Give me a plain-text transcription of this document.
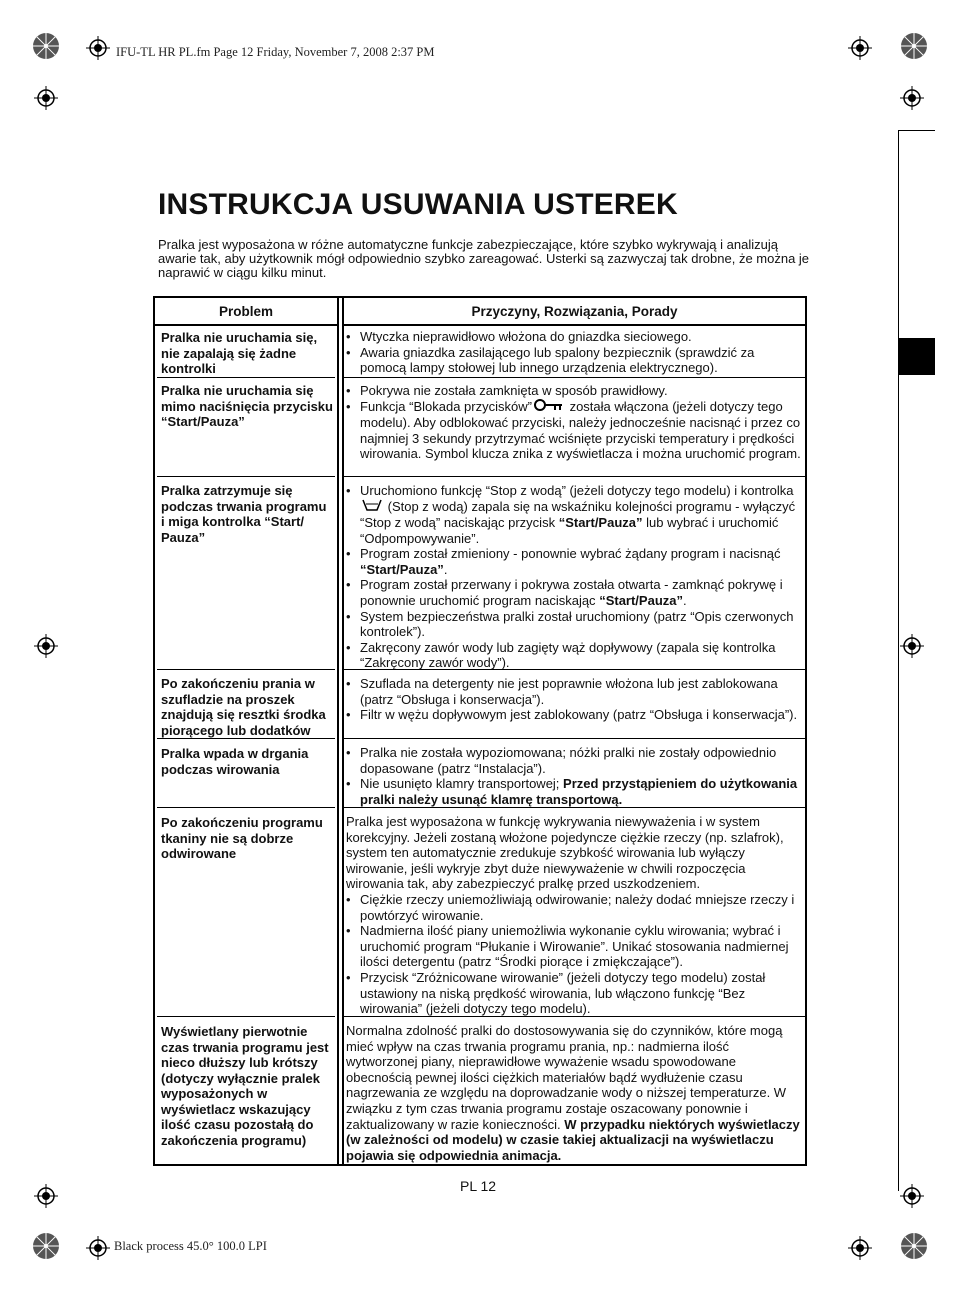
IFU-TL HR PL.fm Page 12 Friday, November 7, 2008 2:37 PM
Black process 45.0° 100.0 LPI
INSTRUKCJA USUWANIA USTEREK

Pralka jest wyposażona w różne automatyczne funkcje zabezpieczające, które szybko wykrywają i analizują awarie tak, aby użytkownik mógł odpowiednio szybko zareagować. Usterki są zazwyczaj tak drobne, że można je naprawić w ciągu kilku minut.

Problem	Przyczyny, Rozwiązania, Porady
Pralka nie uruchamia się, nie zapalają się żadne kontrolki
• Wtyczka nieprawidłowo włożona do gniazdka sieciowego.
• Awaria gniazdka zasilającego lub spalony bezpiecznik (sprawdzić za pomocą lampy stołowej lub innego urządzenia elektrycznego).
Pralka nie uruchamia się mimo naciśnięcia przycisku “Start/Pauza”
• Pokrywa nie została zamknięta w sposób prawidłowy.
• Funkcja “Blokada przycisków”	została włączona (jeżeli dotyczy tego modelu). Aby odblokować przyciski, należy jednocześnie nacisnąć i przez co najmniej 3 sekundy przytrzymać wciśnięte przyciski temperatury i prędkości wirowania. Symbol klucza znika z wyświetlacza i można uruchomić program.
Pralka zatrzymuje się podczas trwania programu i miga kontrolka “Start/ Pauza”
• Uruchomiono funkcję “Stop z wodą” (jeżeli dotyczy tego modelu) i kontrolka  (Stop z wodą) zapala się na wskaźniku kolejności programu - wyłączyć “Stop z wodą” naciskając przycisk “Start/Pauza” lub wybrać i uruchomić “Odpompowywanie”.
• Program został zmieniony - ponownie wybrać żądany program i nacisnąć “Start/Pauza”.
• Program został przerwany i pokrywa została otwarta - zamknąć pokrywę i ponownie uruchomić program naciskając “Start/Pauza”.
• System bezpieczeństwa pralki został uruchomiony (patrz “Opis czerwonych kontrolek”).
• Zakręcony zawór wody lub zagięty wąż dopływowy (zapala się kontrolka “Zakręcony zawór wody”).
Po zakończeniu prania w szufladzie na proszek znajdują się resztki środka piorącego lub dodatków
• Szuflada na detergenty nie jest poprawnie włożona lub jest zablokowana (patrz “Obsługa i konserwacja”).
• Filtr w wężu dopływowym jest zablokowany (patrz “Obsługa i konserwacja”).
Pralka wpada w drgania podczas wirowania
• Pralka nie została wypoziomowana; nóżki pralki nie zostały odpowiednio dopasowane (patrz “Instalacja”).
• Nie usunięto klamry transportowej; Przed przystąpieniem do użytkowania pralki należy usunąć klamrę transportową.
Po zakończeniu programu tkaniny nie są dobrze odwirowane

Pralka jest wyposażona w funkcję wykrywania niewyważenia i w system korekcyjny. Jeżeli zostaną włożone pojedyncze ciężkie rzeczy (np. szlafrok), system ten automatycznie zredukuje szybkość wirowania lub wyłączy wirowanie, jeśli wykryje zbyt duże niewyważenie w chwili rozpoczęcia wirowania tak, aby zabezpieczyć pralkę przed uszkodzeniem.

• Ciężkie rzeczy uniemożliwiają odwirowanie; należy dodać mniejsze rzeczy i powtórzyć wirowanie.
• Nadmierna ilość piany uniemożliwia wykonanie cyklu wirowania; wybrać i uruchomić program “Płukanie i Wirowanie”. Unikać stosowania nadmiernej ilości detergentu (patrz “Środki piorące i zmiękczające”).
• Przycisk “Zróżnicowane wirowanie” (jeżeli dotyczy tego modelu) został ustawiony na niską prędkość wirowania, lub włączono funkcję “Bez wirowania” (jeżeli dotyczy tego modelu).
Wyświetlany pierwotnie czas trwania programu jest nieco dłuższy lub krótszy (dotyczy wyłącznie pralek wyposażonych w wyświetlacz wskazujący ilość czasu pozostałą do zakończenia programu)

Normalna zdolność pralki do dostosowywania się do czynników, które mogą mieć wpływ na czas trwania programu prania, np.: nadmierna ilość wytworzonej piany, nieprawidłowe wyważenie wsadu spowodowane obecnością pewnej ilości ciężkich materiałów bądź wydłużenie czasu nagrzewania ze względu na doprowadzanie wody o niższej temperaturze. W związku z tym czas trwania programu zostaje oszacowany ponownie i zaktualizowany w razie konieczności. W przypadku niektórych wyświetlaczy (w zależności od modelu) w czasie takiej aktualizacji na wyświetlaczu pojawia się odpowiednia animacja.

PL 12
